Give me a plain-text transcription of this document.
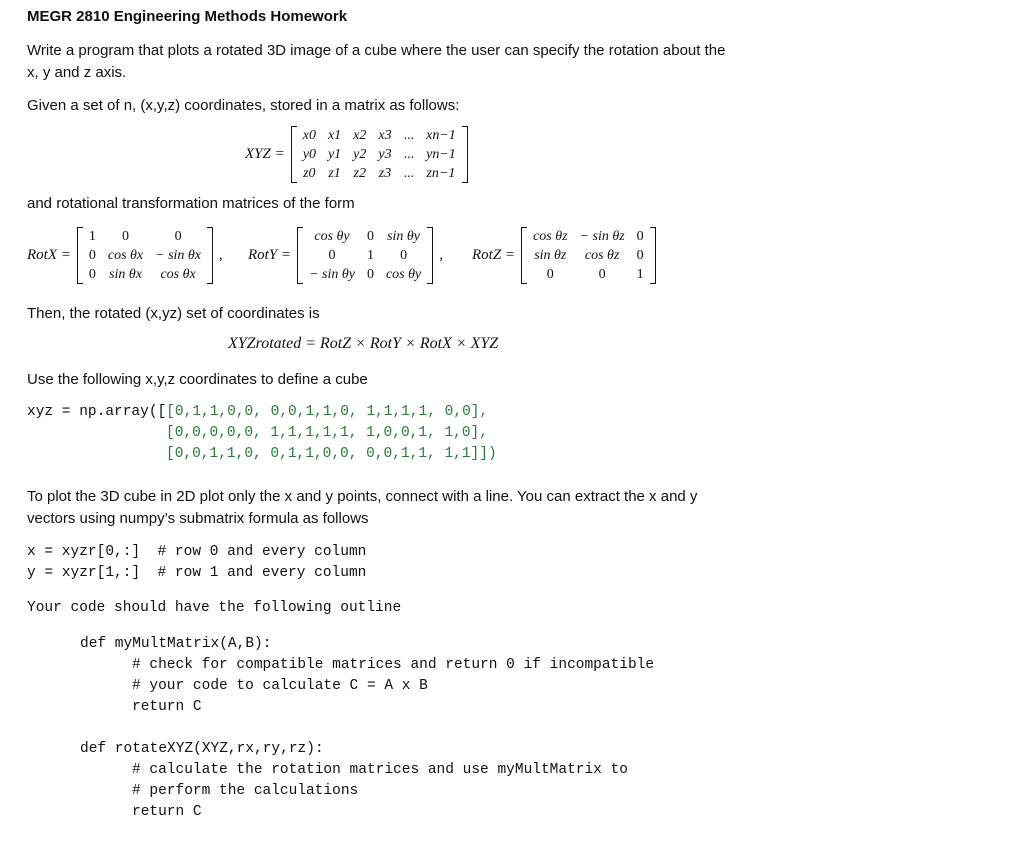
MEGR 2810 Engineering Methods Homework
Write a program that plots a rotated 3D image of a cube where the user can specify the rotation about the x, y and z axis.
Given a set of n, (x,y,z) coordinates, stored in a matrix as follows:
XYZ =
x0	x1	x2	x3	...	xn−1
y0	y1	y2	y3	...	yn−1
z0	z1	z2	z3	...	zn−1
and rotational transformation matrices of the form
RotX =
1	0	0
0	cos θx	− sin θx
0	sin θx	cos θx
, RotY =
cos θy	0	sin θy
0	1	0
− sin θy	0	cos θy
, RotZ =
cos θz	− sin θz	0
sin θz	cos θz	0
0	0	1
Then, the rotated (x,yz) set of coordinates is
XYZrotated = RotZ × RotY × RotX × XYZ
Use the following x,y,z coordinates to define a cube
xyz = np.array([[0,1,1,0,0, 0,0,1,1,0, 1,1,1,1, 0,0],
[0,0,0,0,0, 1,1,1,1,1, 1,0,0,1, 1,0],
[0,0,1,1,0, 0,1,1,0,0, 0,0,1,1, 1,1]])
To plot the 3D cube in 2D plot only the x and y points, connect with a line. You can extract the x and y vectors using numpy’s submatrix formula as follows
x = xyzr[0,:]  # row 0 and every column
y = xyzr[1,:]  # row 1 and every column
Your code should have the following outline
def myMultMatrix(A,B):
# check for compatible matrices and return 0 if incompatible
# your code to calculate C = A x B
return C

def rotateXYZ(XYZ,rx,ry,rz):
# calculate the rotation matrices and use myMultMatrix to
# perform the calculations
return C
